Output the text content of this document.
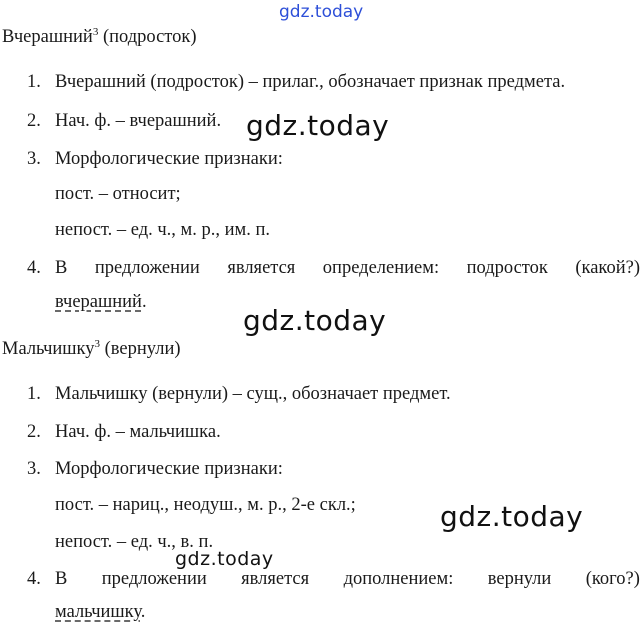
gdz.today
Вчерашний$^3$ (подросток)
1. Вчерашний (подросток) – прилаг., обозначает признак предмета.
2. Нач. ф. – вчерашний.
3. Морфологические признаки:
пост. – относит;
непост. – ед. ч., м. р., им. п.
4. В предложении является определением: подросток (какой?)
вчерашний.
Мальчишку$^3$ (вернули)
1. Мальчишку (вернули) – сущ., обозначает предмет.
2. Нач. ф. – мальчишка.
3. Морфологические признаки:
пост. – нариц., неодуш., м. р., 2-е скл.;
непост. – ед. ч., в. п.
4. В предложении является дополнением: вернули (кого?)
мальчишку.
gdz.today
gdz.today
gdz.today
gdz.today
